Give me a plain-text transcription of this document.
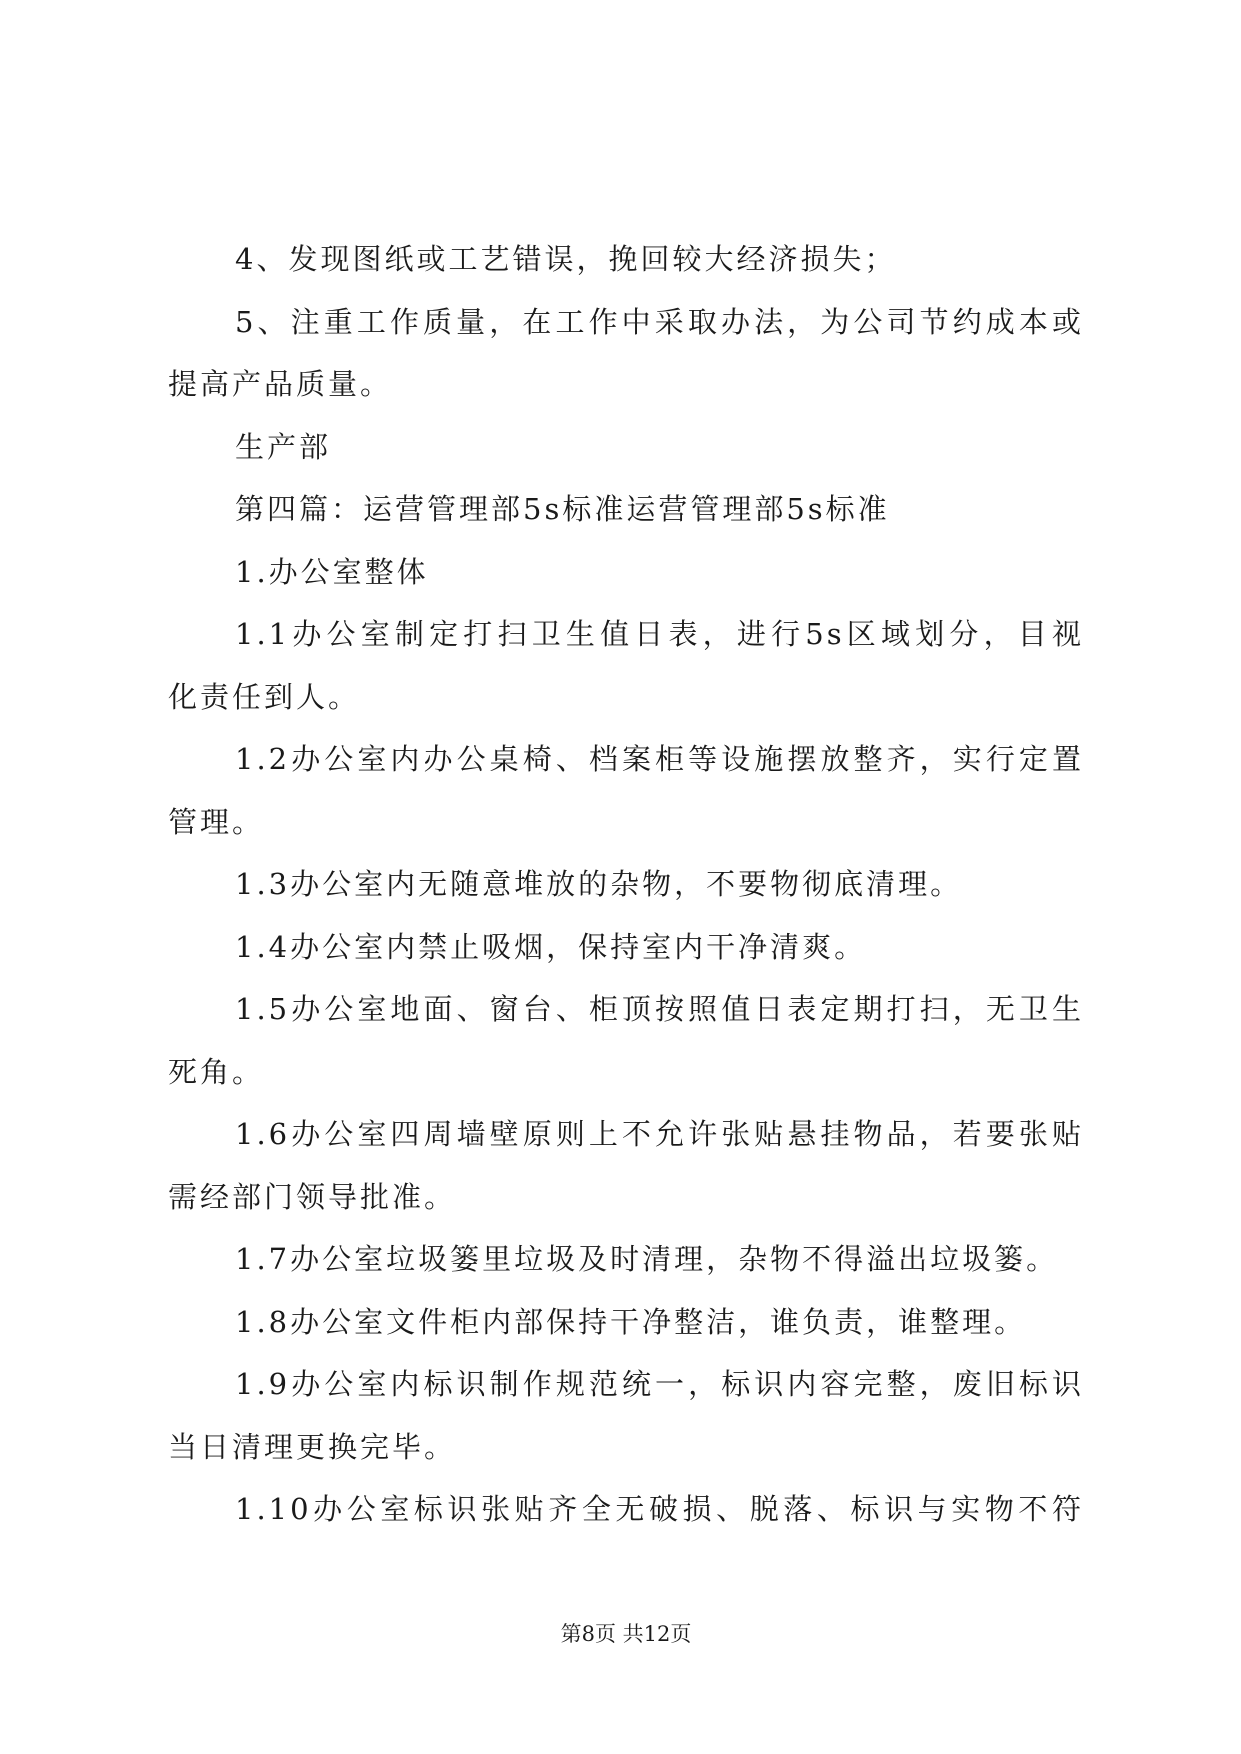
4、发现图纸或工艺错误，挽回较大经济损失；
5、注重工作质量，在工作中采取办法，为公司节约成本或
提高产品质量。
生产部
第四篇：运营管理部5s标准运营管理部5s标准
1.办公室整体
1.1办公室制定打扫卫生值日表，进行5s区域划分，目视
化责任到人。
1.2办公室内办公桌椅、档案柜等设施摆放整齐，实行定置
管理。
1.3办公室内无随意堆放的杂物，不要物彻底清理。
1.4办公室内禁止吸烟，保持室内干净清爽。
1.5办公室地面、窗台、柜顶按照值日表定期打扫，无卫生
死角。
1.6办公室四周墙壁原则上不允许张贴悬挂物品，若要张贴
需经部门领导批准。
1.7办公室垃圾篓里垃圾及时清理，杂物不得溢出垃圾篓。
1.8办公室文件柜内部保持干净整洁，谁负责，谁整理。
1.9办公室内标识制作规范统一，标识内容完整，废旧标识
当日清理更换完毕。
1.10办公室标识张贴齐全无破损、脱落、标识与实物不符
第8页 共12页
